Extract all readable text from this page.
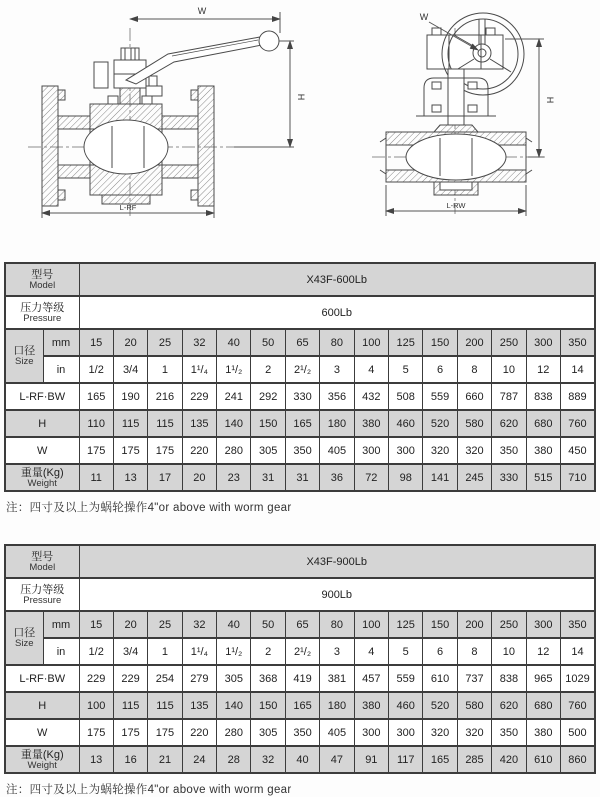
W
H
L-RF
W
H
L-RW
型号
Model		X43F-600Lb														

压力等级
Pressure		600Lb														

口径
Size	mm	15	20	25	32	40	50	65	80	100	125	150	200	250	300	350
	in	1/2	3/4	1	1¹/₄	1¹/₂	2	2¹/₂	3	4	5	6	8	10	12	14
L-RF·BW		165	190	216	229	241	292	330	356	432	508	559	660	787	838	889
H		110	115	115	135	140	150	165	180	380	460	520	580	620	680	760
W		175	175	175	220	280	305	350	405	300	300	320	320	350	380	450

重量(Kg)
Weight		11	13	17	20	23	31	31	36	72	98	141	245	330	515	710
注：四寸及以上为蜗轮操作4"or above with worm gear
型号
Model		X43F-900Lb														

压力等级
Pressure		900Lb														

口径
Size	mm	15	20	25	32	40	50	65	80	100	125	150	200	250	300	350
	in	1/2	3/4	1	1¹/₄	1¹/₂	2	2¹/₂	3	4	5	6	8	10	12	14
L-RF·BW		229	229	254	279	305	368	419	381	457	559	610	737	838	965	1029
H		100	115	115	135	140	150	165	180	380	460	520	580	620	680	760
W		175	175	175	220	280	305	350	405	300	300	320	320	350	380	500

重量(Kg)
Weight		13	16	21	24	28	32	40	47	91	117	165	285	420	610	860
注：四寸及以上为蜗轮操作4"or above with worm gear
